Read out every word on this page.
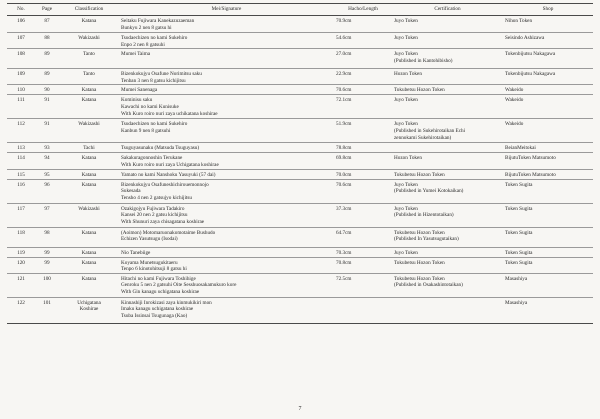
No.	Page	Classification	Mei/Signature	Hacho/Length	Certification	Shop
106	87	Katana	Seitaku Fujiwara Kanekazuzaeman
Bunkyu 2 nen 8 gatsu hi	70.9cm	Juyo Token	Nihon Token
107	88	Wakizashi	Tsudaechizen no kami Sukehiro
Enpo 2 nen 8 gatsuhi	54.6cm	Juyo Token	Seisindo Ashizawa
108	89	Tanto	Mumei Taima	27.0cm	Juyo Token
(Published in Kantohibisho)	Tokenbijutsu Nakagawa
109	89	Tanto	Bizenkokujyu Osafune Norimitsu saku
Tenban 3 nen 8 gatsu kichijitsu	22.9cm	Hozon Token	Tokenbijutsu Nakagawa
110	90	Katana	Mumei Sanenaga	70.6cm	Tokubetsu Hozon Token	Wakeido
111	91	Katana	Kominisu saku
Kawachi no kami Kunisuke
With Kuro roiro nuri zaya uchikatana koshirae	72.1cm	Juyo Token	Wakeido
112	91	Wakizashi	Tsudaechizen no kami Sukehiro
Kanbun 9 nen 8 gatsuhi	51.9cm	Juyo Token
(Published in Sukehirotaikan Echi
zennokami Sukehirotaikan)	Wakeido
113	93	Tachi	Tsuguyasunaku (Matsuda Tsuguyasu)	78.8cm		BeianMeitokai
114	94	Katana	Sakakuragonnoshin Terukane
With Kuro roiro nuri zaya Uchigatana koshirae	69.8cm	Hozon Token	BijutuToken Matsumoto
115	95	Katana	Yamato no kami Nanshoku Yasuyuki (57 dai)	70.0cm	Tokubetsu Hozon Token	BijutuToken Matsumoto
116	96	Katana	Bizenkokujyu Osafuneshichirouemonnojo
Sukesada
Tensho 4 nen 2 gatsujyo kichijitsu	70.6cm	Juyo Token
(Published in Yumei Kotokaikan)	Token Sugita
117	97	Wakizashi	Ozakigojyu Fujiwara Tadakiro
Kansei 20 nen 2 gatsu kichijitsu
With Shunuri zaya chisagatana koshirae	37.3cm	Juyo Token
(Published in Hizentotaikan)	Token Sugita
118	98	Katana	(Aoimon) Motomaruonakomotaime Bushudo
Echizen Yasutsugu (Isodai)	64.7cm	Tokubetsu Hozon Token
(Published In Yasutsugutaikan)	Token Sugita
119	99	Katana	Nio Tanebiige	70.3cm	Juyo Token	Token Sugita
120	99	Katana	Koyama Munetsugukitaeru
Tenpo 6 kinotohitsuji 8 gatsu hi	70.8cm	Tokubetsu Hozon Token	Token Sugita
121	100	Katana	Hitachi no kami Fujiwara Toshihige
Genroku 5 nen 2 gatsuhi Oite Sesshuosakamukuro kore
With Gin kanagu uchigatana koshirae	72.5cm	Tokubetsu Hozon Token
(Published in Osakashintotaikan)	Masashiya
122	101	Uchigatana
Koshirae	Kinnashiji Inrokizasi zaya kinmukikiri mon
Imaku kanagu uchigatana koshirae
Tsuba Issinsai Tsugunaga (Kao)			Masashiya
7
